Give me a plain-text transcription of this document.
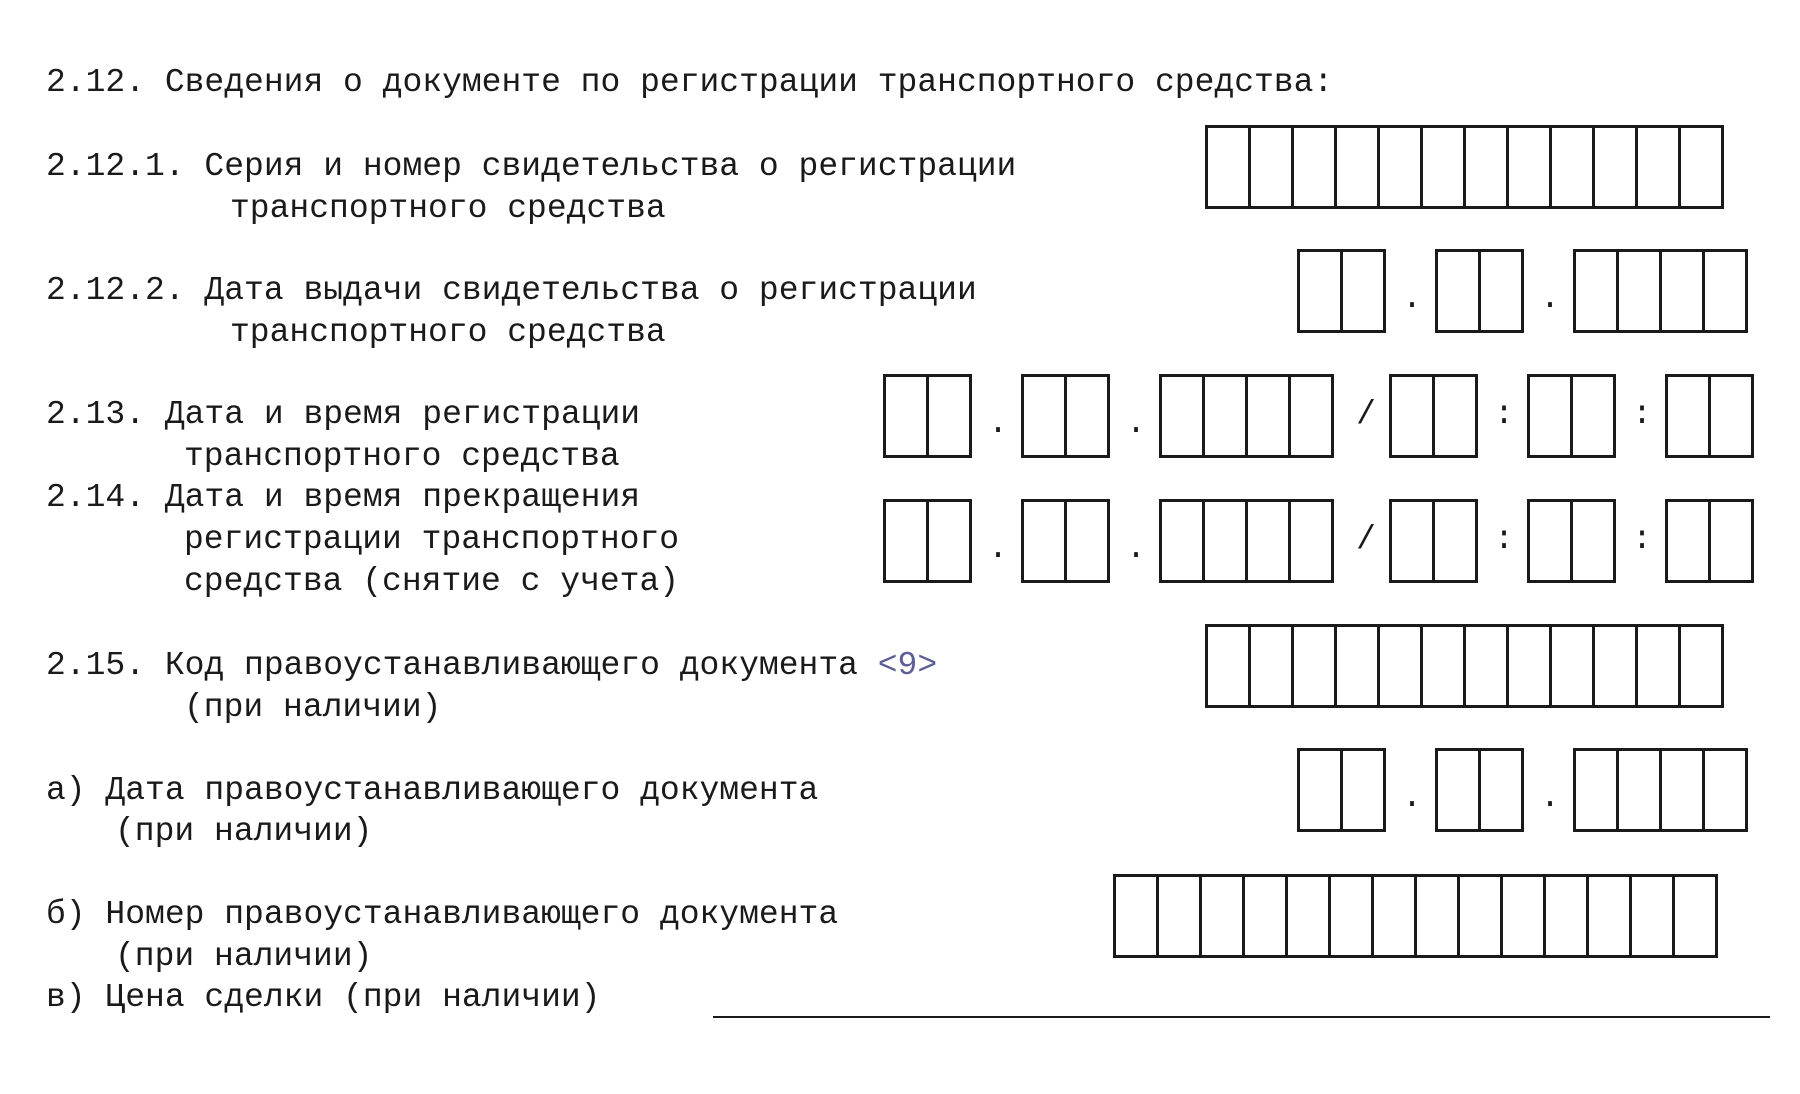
2.12. Сведения о документе по регистрации транспортного средства:
2.12.1. Серия и номер свидетельства о регистрации
транспортного средства
2.12.2. Дата выдачи свидетельства о регистрации
транспортного средства
.	.
2.13. Дата и время регистрации
транспортного средства
.	.	/	:	:
2.14. Дата и время прекращения
регистрации транспортного
средства (снятие с учета)
.	.	/	:	:
2.15. Код правоустанавливающего документа <9>
(при наличии)
а) Дата правоустанавливающего документа
(при наличии)
.	.
б) Номер правоустанавливающего документа
(при наличии)
в) Цена сделки (при наличии)
